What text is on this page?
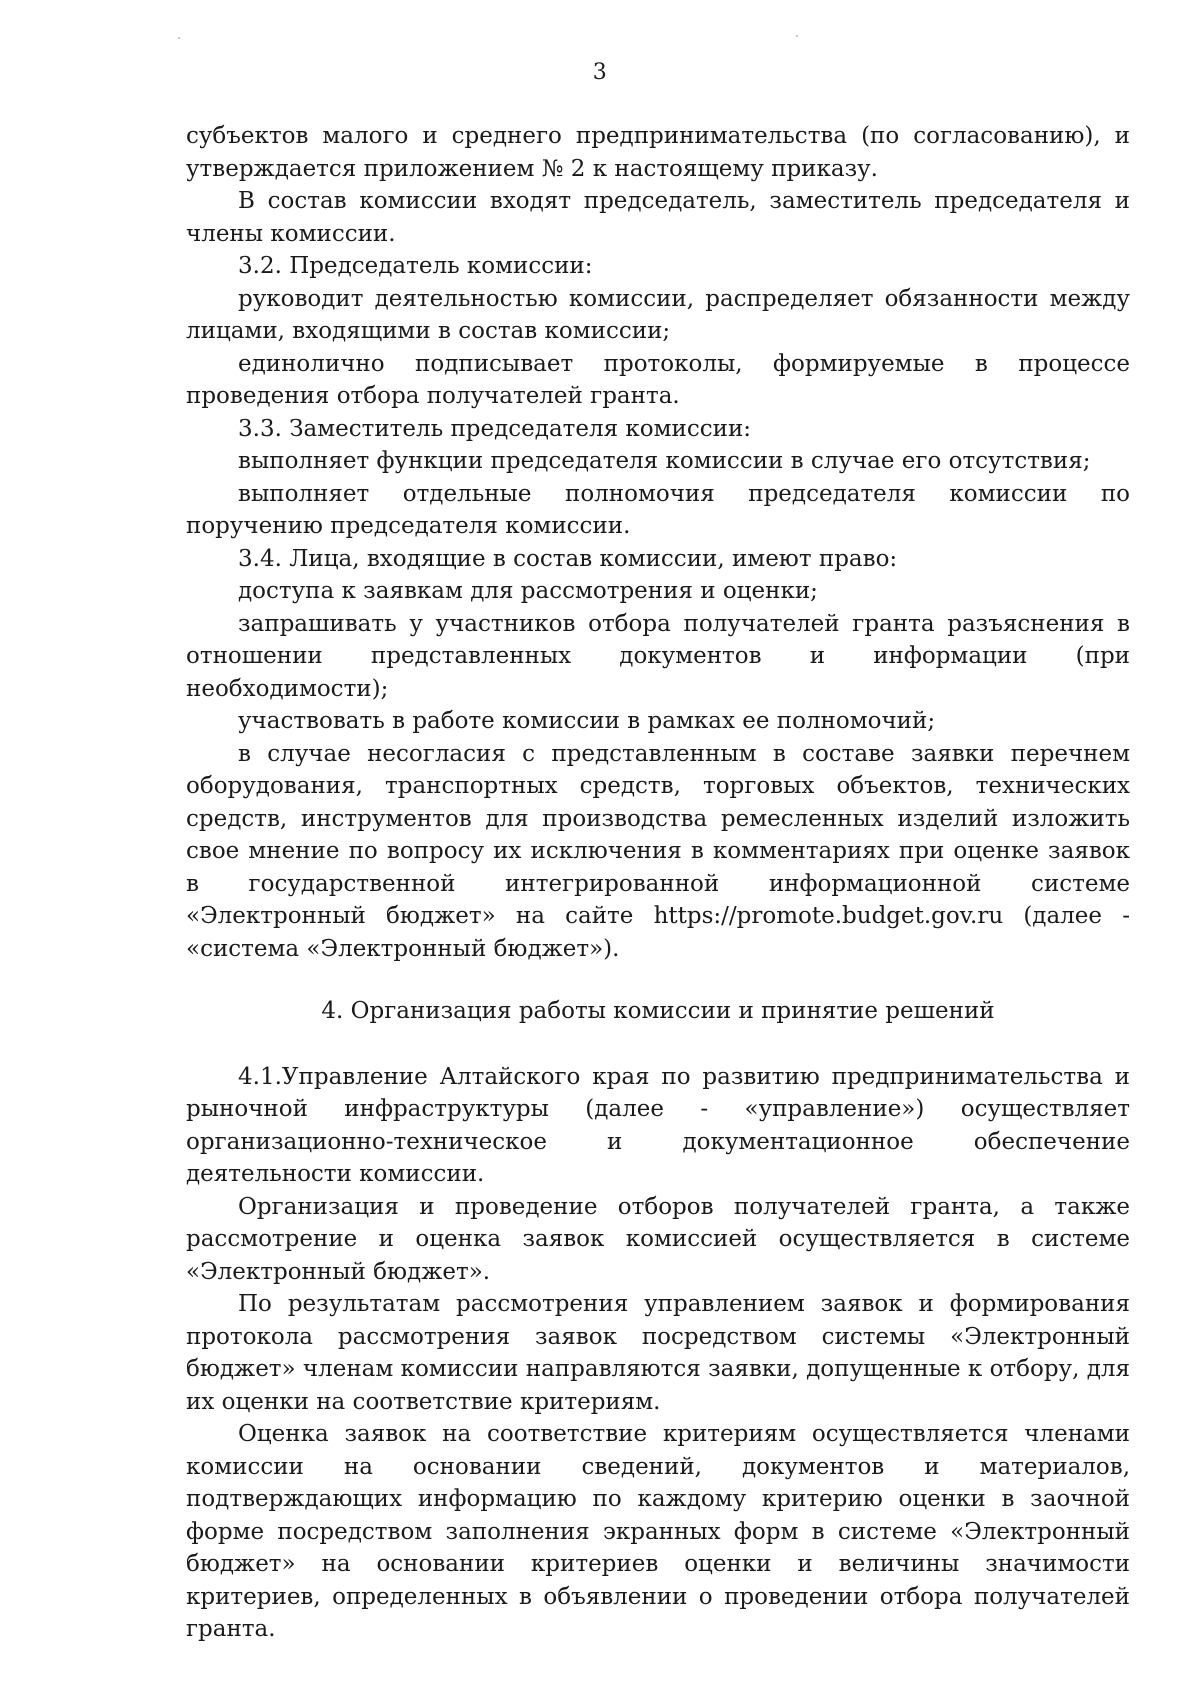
3

субъектов малого и среднего предпринимательства (по согласованию), и утверждается приложением № 2 к настоящему приказу.

В состав комиссии входят председатель, заместитель председателя и члены комиссии.

3.2. Председатель комиссии:

руководит деятельностью комиссии, распределяет обязанности между лицами, входящими в состав комиссии;

единолично подписывает протоколы, формируемые в процессе проведения отбора получателей гранта.

3.3. Заместитель председателя комиссии:

выполняет функции председателя комиссии в случае его отсутствия;

выполняет отдельные полномочия председателя комиссии по поручению председателя комиссии.

3.4. Лица, входящие в состав комиссии, имеют право:

доступа к заявкам для рассмотрения и оценки;

запрашивать у участников отбора получателей гранта разъяснения в отношении представленных документов и информации (при необходимости);

участвовать в работе комиссии в рамках ее полномочий;

в случае несогласия с представленным в составе заявки перечнем оборудования, транспортных средств, торговых объектов, технических средств, инструментов для производства ремесленных изделий изложить свое мнение по вопросу их исключения в комментариях при оценке заявок в государственной интегрированной информационной системе «Электронный бюджет» на сайте https://promote.budget.gov.ru (далее - «система «Электронный бюджет»).

4. Организация работы комиссии и принятие решений

4.1.Управление Алтайского края по развитию предпринимательства и рыночной инфраструктуры (далее - «управление») осуществляет организационно-техническое и документационное обеспечение деятельности комиссии.

Организация и проведение отборов получателей гранта, а также рассмотрение и оценка заявок комиссией осуществляется в системе «Электронный бюджет».

По результатам рассмотрения управлением заявок и формирования протокола рассмотрения заявок посредством системы «Электронный бюджет» членам комиссии направляются заявки, допущенные к отбору, для их оценки на соответствие критериям.

Оценка заявок на соответствие критериям осуществляется членами комиссии на основании сведений, документов и материалов, подтверждающих информацию по каждому критерию оценки в заочной форме посредством заполнения экранных форм в системе «Электронный бюджет» на основании критериев оценки и величины значимости критериев, определенных в объявлении о проведении отбора получателей гранта.
